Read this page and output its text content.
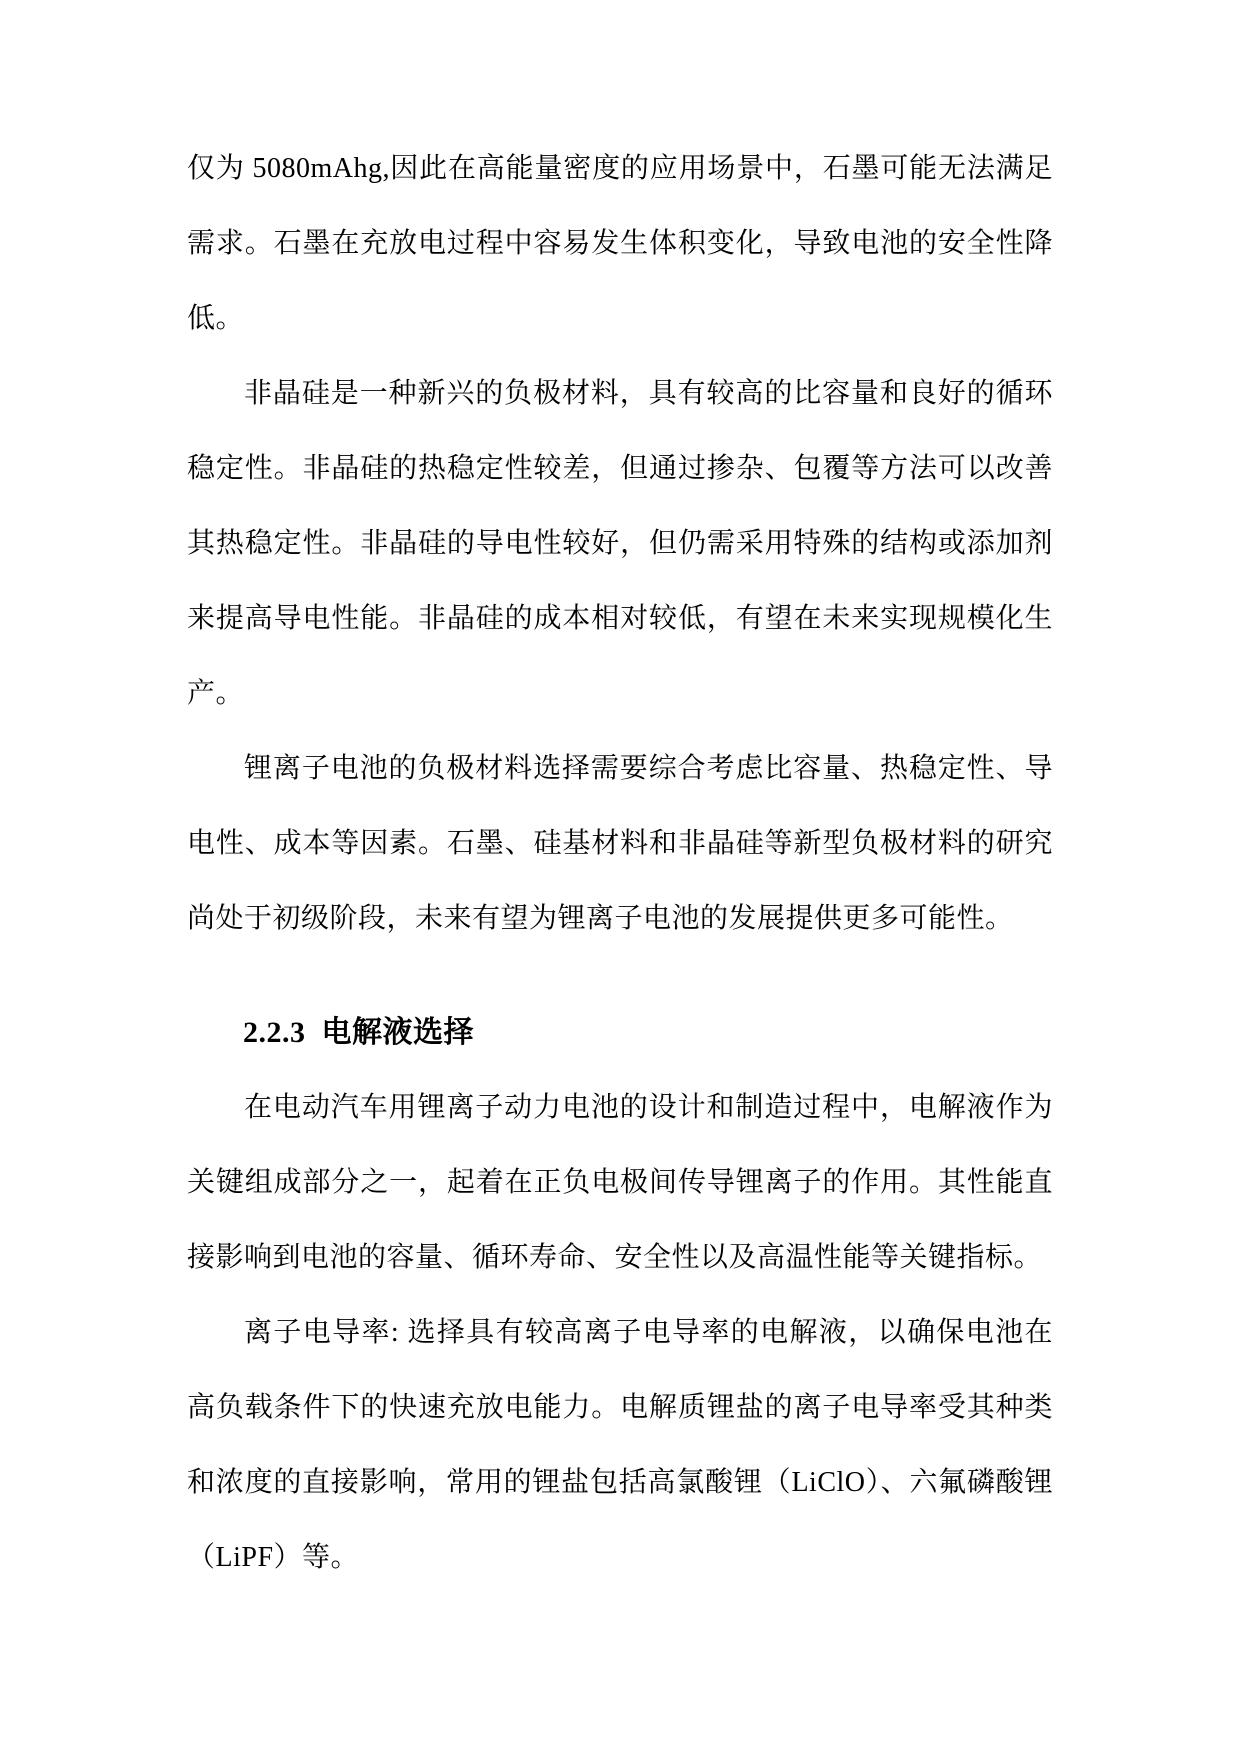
仅为 5080mAhg,因此在高能量密度的应用场景中，石墨可能无法满足需求。石墨在充放电过程中容易发生体积变化，导致电池的安全性降低。

非晶硅是一种新兴的负极材料，具有较高的比容量和良好的循环稳定性。非晶硅的热稳定性较差，但通过掺杂、包覆等方法可以改善其热稳定性。非晶硅的导电性较好，但仍需采用特殊的结构或添加剂来提高导电性能。非晶硅的成本相对较低，有望在未来实现规模化生产。

锂离子电池的负极材料选择需要综合考虑比容量、热稳定性、导电性、成本等因素。石墨、硅基材料和非晶硅等新型负极材料的研究尚处于初级阶段，未来有望为锂离子电池的发展提供更多可能性。

2.2.3 电解液选择

在电动汽车用锂离子动力电池的设计和制造过程中，电解液作为关键组成部分之一，起着在正负电极间传导锂离子的作用。其性能直接影响到电池的容量、循环寿命、安全性以及高温性能等关键指标。

离子电导率: 选择具有较高离子电导率的电解液，以确保电池在高负载条件下的快速充放电能力。电解质锂盐的离子电导率受其种类和浓度的直接影响，常用的锂盐包括高氯酸锂（LiClO）、六氟磷酸锂（LiPF）等。
